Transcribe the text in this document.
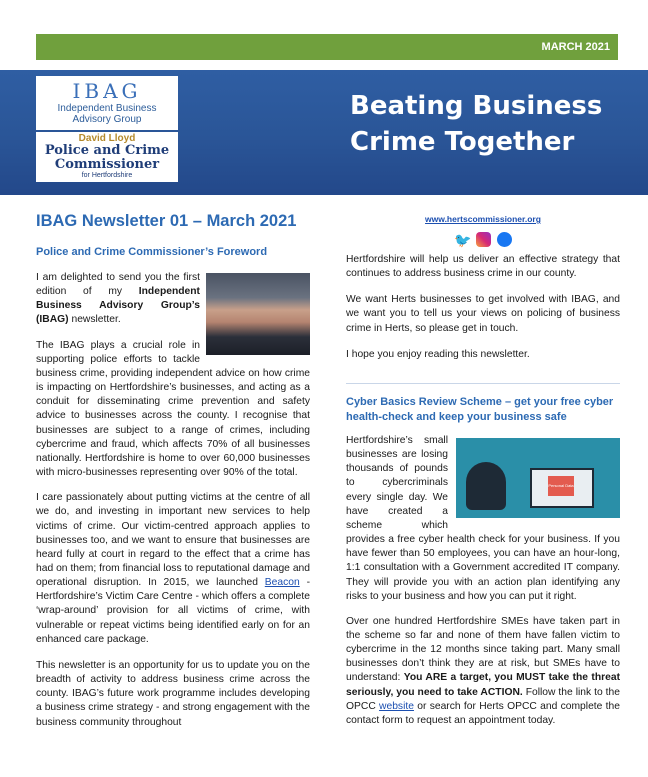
MARCH 2021
IBAG
Independent Business
Advisory Group
David Lloyd
Police and Crime
Commissioner
for Hertfordshire
Beating Business Crime Together
IBAG Newsletter 01 – March 2021
Police and Crime Commissioner’s Foreword

I am delighted to send you the first edition of my Independent Business Advisory Group’s (IBAG) newsletter.

The IBAG plays a crucial role in supporting police efforts to tackle business crime, providing independent advice on how crime is impacting on Hertfordshire’s businesses, and acting as a conduit for disseminating crime prevention and safety advice to businesses across the county. I recognise that businesses are subject to a range of crimes, including cybercrime and fraud, which affects 70% of all businesses nationally. Hertfordshire is home to over 60,000 businesses with micro-businesses representing over 90% of the total.

I care passionately about putting victims at the centre of all we do, and investing in important new services to help victims of crime. Our victim-centred approach applies to businesses too, and we want to ensure that businesses are heard fully at court in regard to the effect that a crime has had on them; from financial loss to reputational damage and operational disruption. In 2015, we launched Beacon - Hertfordshire’s Victim Care Centre - which offers a complete ‘wrap-around’ provision for all victims of crime, with vulnerable or repeat victims being identified early on for an enhanced care package.

This newsletter is an opportunity for us to update you on the breadth of activity to address business crime across the county. IBAG’s future work programme includes developing a business crime strategy - and strong engagement with the business community throughout

www.hertscommissioner.org
🐦

Hertfordshire will help us deliver an effective strategy that continues to address business crime in our county.

We want Herts businesses to get involved with IBAG, and we want you to tell us your views on policing of business crime in Herts, so please get in touch.

I hope you enjoy reading this newsletter.

Cyber Basics Review Scheme – get your free cyber health-check and keep your business safe

Personal Data
Hertfordshire’s small businesses are losing thousands of pounds to cybercriminals every single day. We have created a scheme which provides a free cyber health check for your business. If you have fewer than 50 employees, you can have an hour-long, 1:1 consultation with a Government accredited IT company. They will provide you with an action plan identifying any risks to your business and how you can put it right.

Over one hundred Hertfordshire SMEs have taken part in the scheme so far and none of them have fallen victim to cybercrime in the 12 months since taking part. Many small businesses don’t think they are at risk, but SMEs have to understand: You ARE a target, you MUST take the threat seriously, you need to take ACTION. Follow the link to the OPCC website or search for Herts OPCC and complete the contact form to request an appointment today.
